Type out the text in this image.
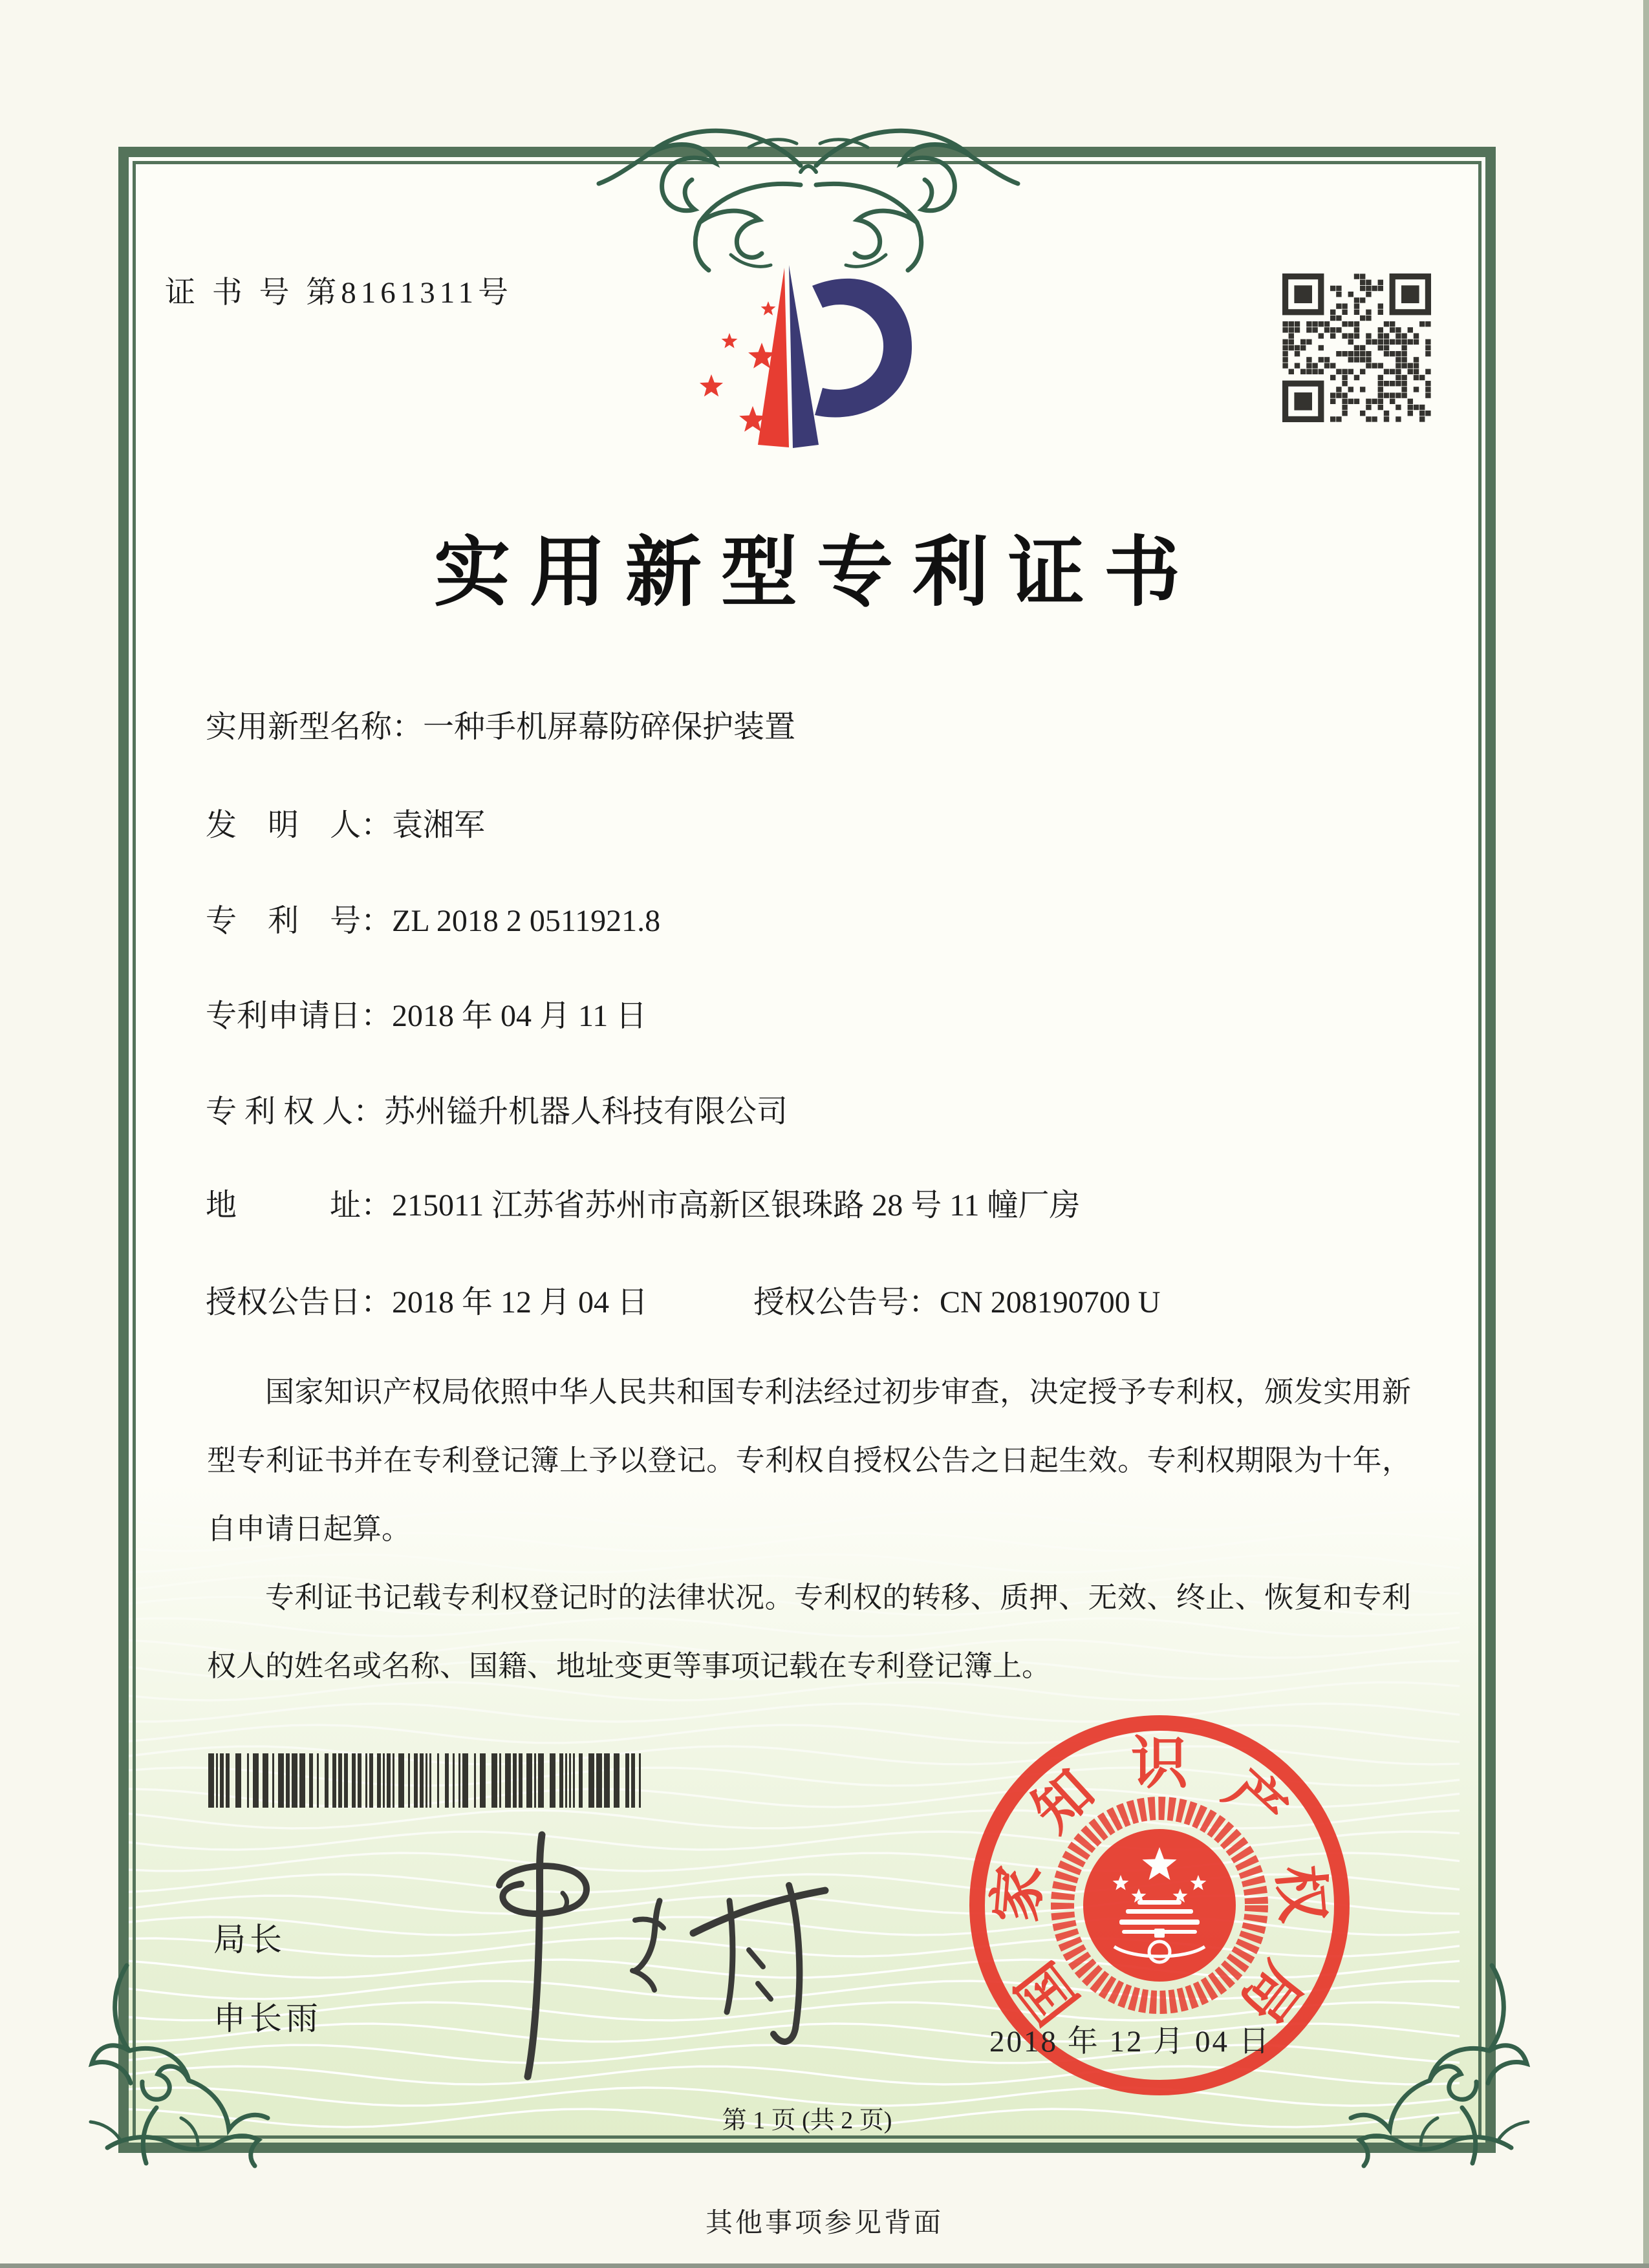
证 书 号 第8161311号
实用新型专利证书
实用新型名称：一种手机屏幕防碎保护装置
发　明　人：袁湘军
专　利　号：ZL 2018 2 0511921.8
专利申请日：2018 年 04 月 11 日
专 利 权 人：苏州镒升机器人科技有限公司
地　　　址：215011 江苏省苏州市高新区银珠路 28 号 11 幢厂房
授权公告日：2018 年 12 月 04 日	授权公告号：CN 208190700 U

国家知识产权局依照中华人民共和国专利法经过初步审查，决定授予专利权，颁发实用新型专利证书并在专利登记簿上予以登记。专利权自授权公告之日起生效。专利权期限为十年，自申请日起算。

专利证书记载专利权登记时的法律状况。专利权的转移、质押、无效、终止、恢复和专利权人的姓名或名称、国籍、地址变更等事项记载在专利登记簿上。

局长
申长雨	国
家
知 识 产
权
局
2018 年 12 月 04 日
第 1 页 (共 2 页)
其他事项参见背面
